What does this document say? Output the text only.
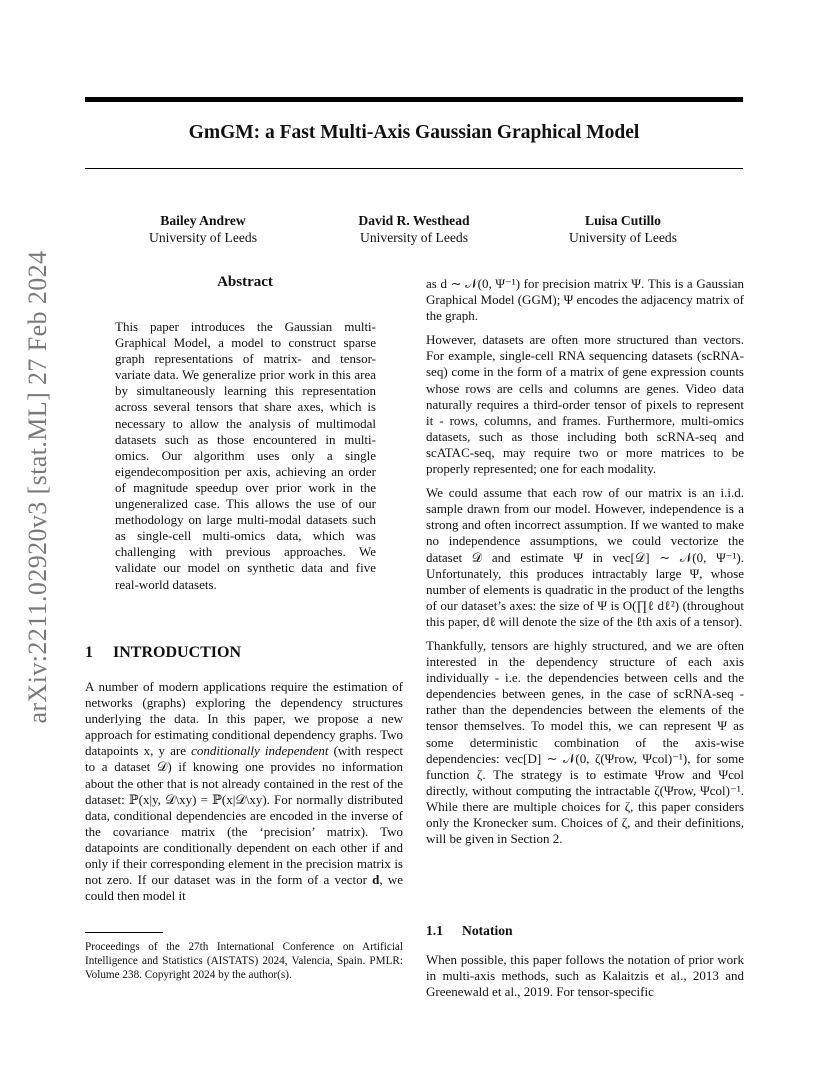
GmGM: a Fast Multi-Axis Gaussian Graphical Model
arXiv:2211.02920v3 [stat.ML] 27 Feb 2024
Bailey Andrew
University of Leeds
David R. Westhead
University of Leeds
Luisa Cutillo
University of Leeds
Abstract
This paper introduces the Gaussian multi-Graphical Model, a model to construct sparse graph representations of matrix- and tensor-variate data. We generalize prior work in this area by simultaneously learning this representation across several tensors that share axes, which is necessary to allow the analysis of multimodal datasets such as those encountered in multi-omics. Our algorithm uses only a single eigendecomposition per axis, achieving an order of magnitude speedup over prior work in the ungeneralized case. This allows the use of our methodology on large multi-modal datasets such as single-cell multi-omics data, which was challenging with previous approaches. We validate our model on synthetic data and five real-world datasets.
1 INTRODUCTION
A number of modern applications require the estimation of networks (graphs) exploring the dependency structures underlying the data. In this paper, we propose a new approach for estimating conditional dependency graphs. Two datapoints x, y are conditionally independent (with respect to a dataset 𝒟) if knowing one provides no information about the other that is not already contained in the rest of the dataset: ℙ(x|y, 𝒟\xy) = ℙ(x|𝒟\xy). For normally distributed data, conditional dependencies are encoded in the inverse of the covariance matrix (the ‘precision’ matrix). Two datapoints are conditionally dependent on each other if and only if their corresponding element in the precision matrix is not zero. If our dataset was in the form of a vector d, we could then model it
Proceedings of the 27th International Conference on Artificial Intelligence and Statistics (AISTATS) 2024, Valencia, Spain. PMLR: Volume 238. Copyright 2024 by the author(s).

as d ∼ 𝒩(0, Ψ⁻¹) for precision matrix Ψ. This is a Gaussian Graphical Model (GGM); Ψ encodes the adjacency matrix of the graph.

However, datasets are often more structured than vectors. For example, single-cell RNA sequencing datasets (scRNA-seq) come in the form of a matrix of gene expression counts whose rows are cells and columns are genes. Video data naturally requires a third-order tensor of pixels to represent it - rows, columns, and frames. Furthermore, multi-omics datasets, such as those including both scRNA-seq and scATAC-seq, may require two or more matrices to be properly represented; one for each modality.

We could assume that each row of our matrix is an i.i.d. sample drawn from our model. However, independence is a strong and often incorrect assumption. If we wanted to make no independence assumptions, we could vectorize the dataset 𝒟 and estimate Ψ in vec[𝒟] ∼ 𝒩(0, Ψ⁻¹). Unfortunately, this produces intractably large Ψ, whose number of elements is quadratic in the product of the lengths of our dataset’s axes: the size of Ψ is O(∏ℓ dℓ²) (throughout this paper, dℓ will denote the size of the ℓth axis of a tensor).

Thankfully, tensors are highly structured, and we are often interested in the dependency structure of each axis individually - i.e. the dependencies between cells and the dependencies between genes, in the case of scRNA-seq - rather than the dependencies between the elements of the tensor themselves. To model this, we can represent Ψ as some deterministic combination of the axis-wise dependencies: vec[D] ∼ 𝒩(0, ζ(Ψrow, Ψcol)⁻¹), for some function ζ. The strategy is to estimate Ψrow and Ψcol directly, without computing the intractable ζ(Ψrow, Ψcol)⁻¹. While there are multiple choices for ζ, this paper considers only the Kronecker sum. Choices of ζ, and their definitions, will be given in Section 2.

1.1 Notation
When possible, this paper follows the notation of prior work in multi-axis methods, such as Kalaitzis et al., 2013 and Greenewald et al., 2019. For tensor-specific
